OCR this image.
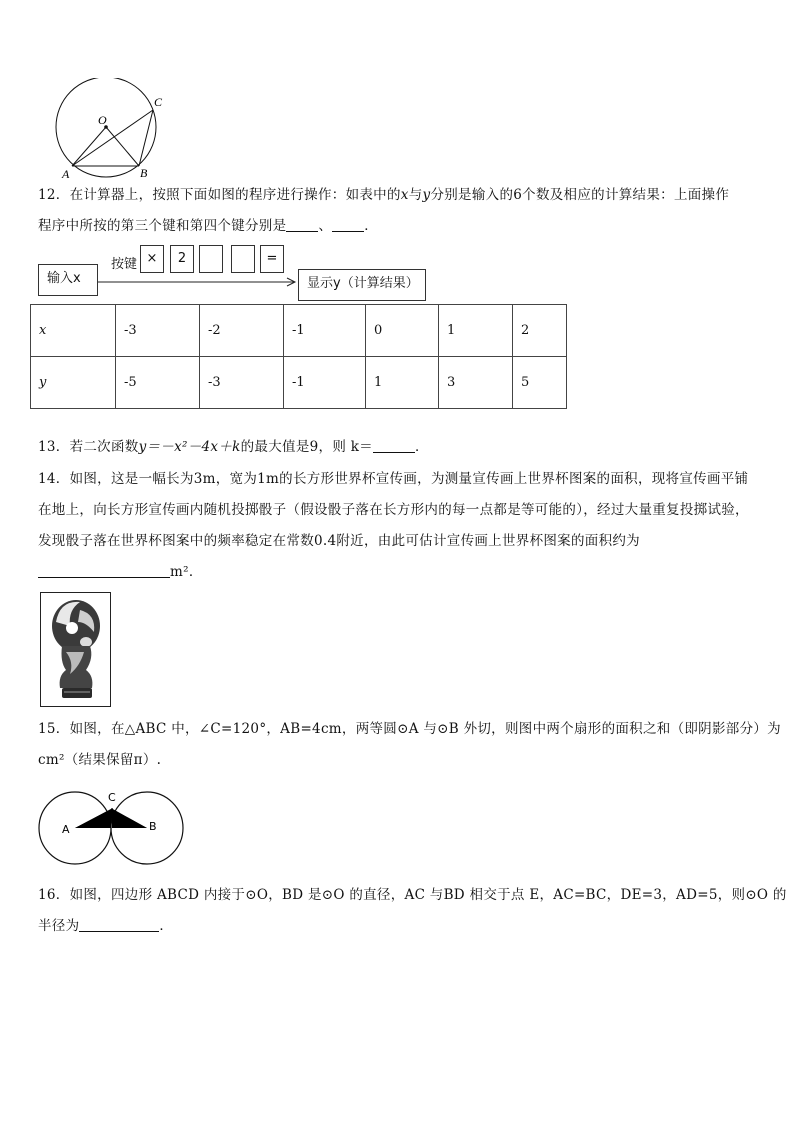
O
A	B
C

12．在计算器上，按照下面如图的程序进行操作：如表中的x与y分别是输入的6个数及相应的计算结果：上面操作

程序中所按的第三个键和第四个键分别是 、 ．

输入x
按键 ×	2	=
显示y（计算结果）
x	-3	-2	-1	0	1	2
y	-5	-3	-1	1	3	5

13．若二次函数y＝－x²－4x＋k的最大值是9，则 k＝	．

14．如图，这是一幅长为3m，宽为1m的长方形世界杯宣传画，为测量宣传画上世界杯图案的面积，现将宣传画平铺

在地上，向长方形宣传画内随机投掷骰子（假设骰子落在长方形内的每一点都是等可能的），经过大量重复投掷试验，

发现骰子落在世界杯图案中的频率稳定在常数0.4附近，由此可估计宣传画上世界杯图案的面积约为

m²．

15．如图，在△ABC 中，∠C=120°，AB=4cm，两等圆⊙A 与⊙B 外切，则图中两个扇形的面积之和（即阴影部分）为

cm²（结果保留π）.

A	B
C

16．如图，四边形 ABCD 内接于⊙O，BD 是⊙O 的直径，AC 与BD 相交于点 E，AC=BC，DE=3，AD=5，则⊙O 的

半径为	．
